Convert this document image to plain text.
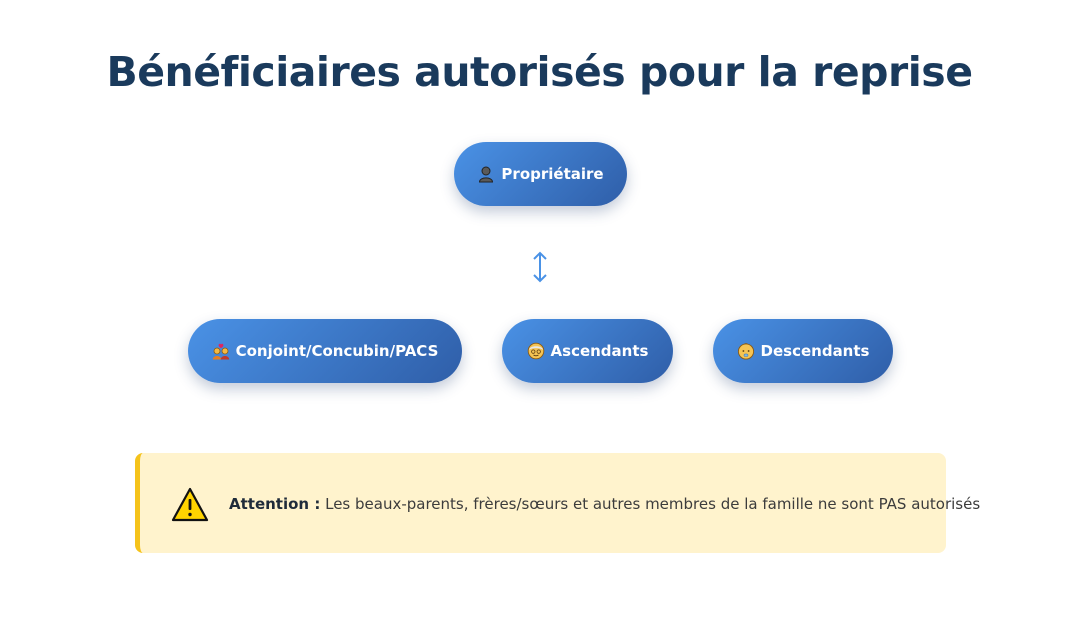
Bénéficiaires autorisés pour la reprise
Propriétaire
Conjoint/Concubin/PACS	Ascendants	Descendants
Attention : Les beaux-parents, frères/sœurs et autres membres de la famille ne sont PAS autorisés
